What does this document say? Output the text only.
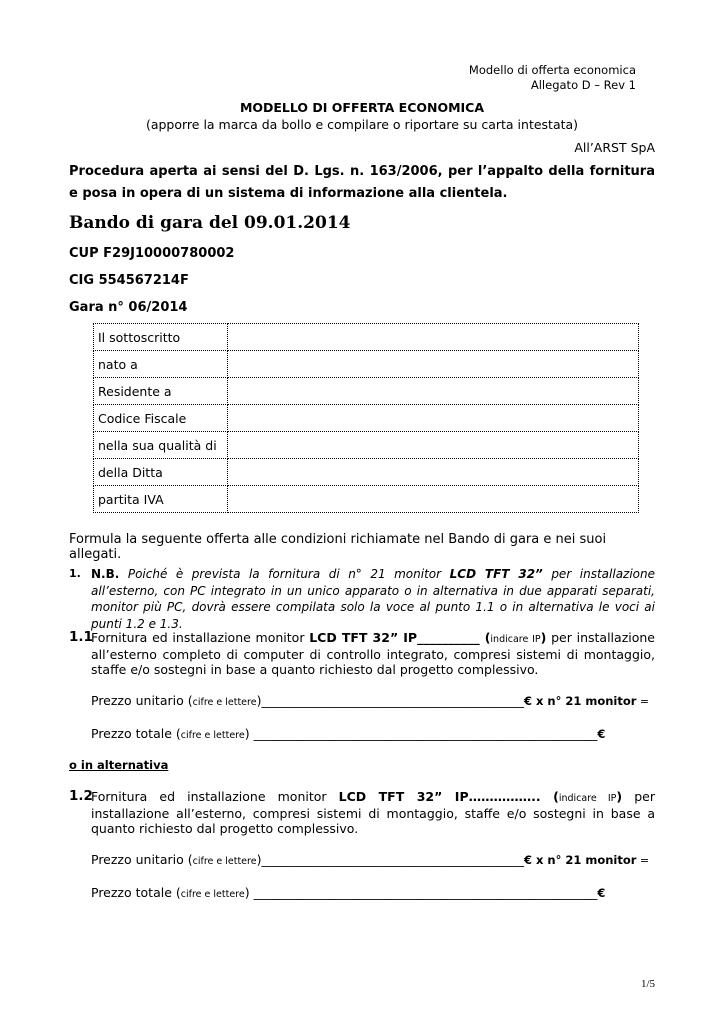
Modello di offerta economica
Allegato D – Rev 1
MODELLO DI OFFERTA ECONOMICA
(apporre la marca da bollo e compilare o riportare su carta intestata)
All’ARST SpA
Procedura aperta ai sensi del D. Lgs. n. 163/2006, per l’appalto della fornitura e posa in opera di un sistema di informazione alla clientela.
Bando di gara del 09.01.2014
CUP F29J10000780002
CIG 554567214F
Gara n° 06/2014
Il sottoscritto	
nato a	
Residente a	
Codice Fiscale	
nella sua qualità di	
della Ditta	
partita IVA	
Formula la seguente offerta alle condizioni richiamate nel Bando di gara e nei suoi allegati.
1. N.B. Poiché è prevista la fornitura di n° 21 monitor LCD TFT 32” per installazione all’esterno, con PC integrato in un unico apparato o in alternativa in due apparati separati, monitor più PC, dovrà essere compilata solo la voce al punto 1.1 o in alternativa le voci ai punti 1.2 e 1.3.
1.1
Fornitura ed installazione monitor LCD TFT 32” IP__________ (indicare IP) per installazione all’esterno completo di computer di controllo integrato, compresi sistemi di montaggio, staffe e/o sostegni in base a quanto richiesto dal progetto complessivo.
Prezzo unitario (cifre e lettere)__________________________________________€ x n° 21 monitor =
Prezzo totale (cifre e lettere) _______________________________________________________€
o in alternativa
1.2
Fornitura ed installazione monitor LCD TFT 32” IP…………….. (indicare IP) per installazione all’esterno, compresi sistemi di montaggio, staffe e/o sostegni in base a quanto richiesto dal progetto complessivo.
Prezzo unitario (cifre e lettere)__________________________________________€ x n° 21 monitor =
Prezzo totale (cifre e lettere) _______________________________________________________€
1/5
